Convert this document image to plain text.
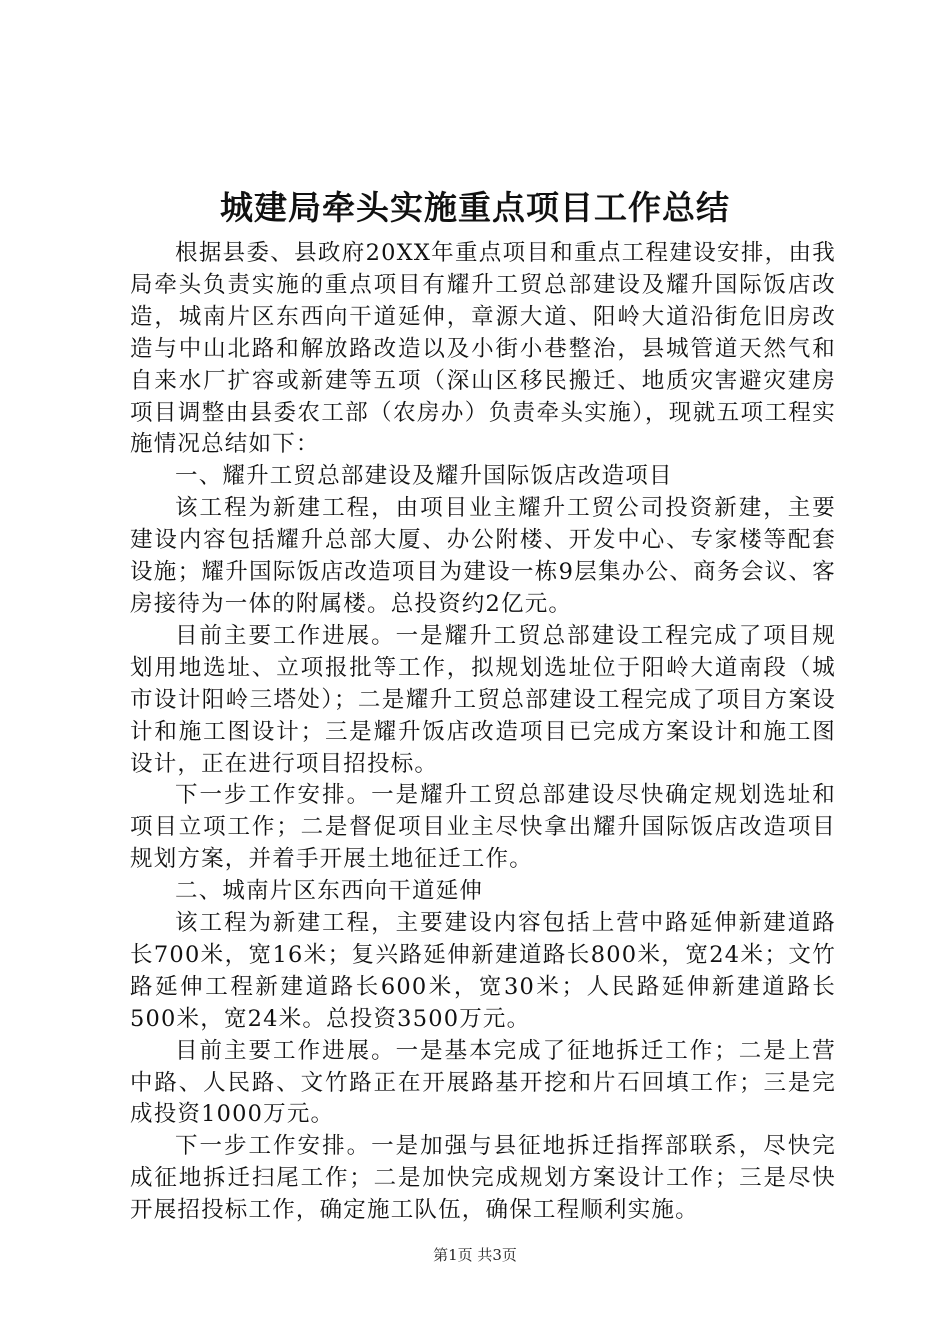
城建局牵头实施重点项目工作总结

根据县委、县政府20XX年重点项目和重点工程建设安排，由我局牵头负责实施的重点项目有耀升工贸总部建设及耀升国际饭店改造，城南片区东西向干道延伸，章源大道、阳岭大道沿街危旧房改造与中山北路和解放路改造以及小街小巷整治，县城管道天然气和自来水厂扩容或新建等五项（深山区移民搬迁、地质灾害避灾建房项目调整由县委农工部（农房办）负责牵头实施），现就五项工程实施情况总结如下：

一、耀升工贸总部建设及耀升国际饭店改造项目

该工程为新建工程，由项目业主耀升工贸公司投资新建，主要建设内容包括耀升总部大厦、办公附楼、开发中心、专家楼等配套设施；耀升国际饭店改造项目为建设一栋9层集办公、商务会议、客房接待为一体的附属楼。总投资约2亿元。

目前主要工作进展。一是耀升工贸总部建设工程完成了项目规划用地选址、立项报批等工作，拟规划选址位于阳岭大道南段（城市设计阳岭三塔处）；二是耀升工贸总部建设工程完成了项目方案设计和施工图设计；三是耀升饭店改造项目已完成方案设计和施工图设计，正在进行项目招投标。

下一步工作安排。一是耀升工贸总部建设尽快确定规划选址和项目立项工作；二是督促项目业主尽快拿出耀升国际饭店改造项目规划方案，并着手开展土地征迁工作。

二、城南片区东西向干道延伸

该工程为新建工程，主要建设内容包括上营中路延伸新建道路长700米，宽16米；复兴路延伸新建道路长800米，宽24米；文竹路延伸工程新建道路长600米，宽30米；人民路延伸新建道路长500米，宽24米。总投资3500万元。

目前主要工作进展。一是基本完成了征地拆迁工作；二是上营中路、人民路、文竹路正在开展路基开挖和片石回填工作；三是完成投资1000万元。

下一步工作安排。一是加强与县征地拆迁指挥部联系，尽快完成征地拆迁扫尾工作；二是加快完成规划方案设计工作；三是尽快开展招投标工作，确定施工队伍，确保工程顺利实施。

第1页 共3页
